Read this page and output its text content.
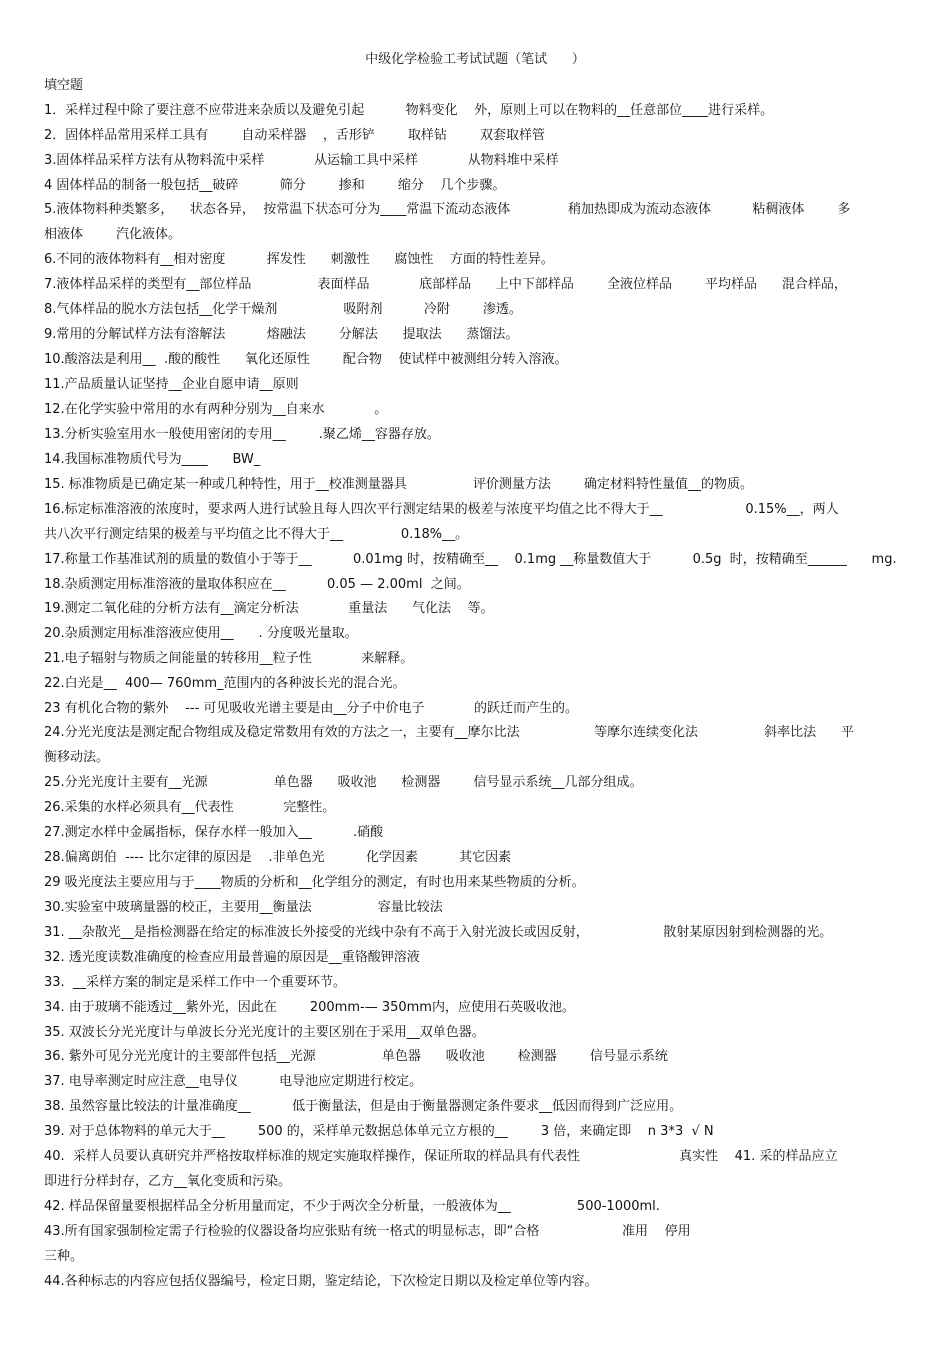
中级化学检验工考试试题（笔试      ）
填空题
1．采样过程中除了要注意不应带进来杂质以及避免引起          物料变化    外，原则上可以在物料的__任意部位____进行采样。
2．固体样品常用采样工具有        自动采样器    ，舌形铲        取样钻        双套取样管
3.固体样品采样方法有从物料流中采样            从运输工具中采样            从物料堆中采样
4 固体样品的制备一般包括__破碎          筛分        掺和        缩分    几个步骤。
5.液体物料种类繁多，    状态各异，  按常温下状态可分为____常温下流动态液体              稍加热即成为流动态液体          粘稠液体        多
相液体        汽化液体。
6.不同的液体物料有__相对密度          挥发性      刺激性      腐蚀性    方面的特性差异。
7.液体样品采样的类型有__部位样品                表面样品            底部样品      上中下部样品        全液位样品        平均样品      混合样品，
8.气体样品的脱水方法包括__化学干燥剂                吸附剂          冷附        渗透。
9.常用的分解试样方法有溶解法          熔融法        分解法      提取法      蒸馏法。
10.酸溶法是利用__  .酸的酸性      氧化还原性        配合物    使试样中被测组分转入溶液。
11.产品质量认证坚持__企业自愿申请__原则
12.在化学实验中常用的水有两种分别为__自来水            。
13.分析实验室用水一般使用密闭的专用__        .聚乙烯__容器存放。
14.我国标准物质代号为____      BW_
15. 标准物质是已确定某一种或几种特性，用于__校准测量器具                评价测量方法        确定材料特性量值__的物质。
16.标定标准溶液的浓度时，要求两人进行试验且每人四次平行测定结果的极差与浓度平均值之比不得大于__                    0.15%__，两人
共八次平行测定结果的极差与平均值之比不得大于__              0.18%__。
17.称量工作基准试剂的质量的数值小于等于__          0.01mg 时，按精确至__    0.1mg __称量数值大于          0.5g  时，按精确至______      mg.
18.杂质测定用标准溶液的量取体积应在__          0.05 — 2.00ml  之间。
19.测定二氧化硅的分析方法有__滴定分析法            重量法      气化法    等。
20.杂质测定用标准溶液应使用__      . 分度吸光量取。
21.电子辐射与物质之间能量的转移用__粒子性            来解释。
22.白光是__  400— 760mm_范围内的各种波长光的混合光。
23 有机化合物的紫外    --- 可见吸收光谱主要是由__分子中价电子            的跃迁而产生的。
24.分光光度法是测定配合物组成及稳定常数用有效的方法之一，主要有__摩尔比法                  等摩尔连续变化法                斜率比法      平
衡移动法。
25.分光光度计主要有__光源                单色器      吸收池      检测器        信号显示系统__几部分组成。
26.采集的水样必须具有__代表性            完整性。
27.测定水样中金属指标，保存水样一般加入__          .硝酸
28.偏离朗伯  ---- 比尔定律的原因是    .非单色光          化学因素          其它因素
29 吸光度法主要应用与于____物质的分析和__化学组分的测定，有时也用来某些物质的分析。
30.实验室中玻璃量器的校正，主要用__衡量法                容量比较法
31. __杂散光__是指检测器在给定的标准波长外接受的光线中杂有不高于入射光波长或因反射，                  散射某原因射到检测器的光。
32. 透光度读数准确度的检查应用最普遍的原因是__重铬酸钾溶液
33.  __采样方案的制定是采样工作中一个重要环节。
34. 由于玻璃不能透过__紫外光，因此在        200mm-— 350mm内，应使用石英吸收池。
35. 双波长分光光度计与单波长分光光度计的主要区别在于采用__双单色器。
36. 紫外可见分光光度计的主要部件包括__光源                单色器      吸收池        检测器        信号显示系统
37. 电导率测定时应注意__电导仪          电导池应定期进行校定。
38. 虽然容量比较法的计量准确度__          低于衡量法，但是由于衡量器测定条件要求__低因而得到广泛应用。
39. 对于总体物料的单元大于__        500 的，采样单元数据总体单元立方根的__        3 倍，来确定即    n 3*3  √ N
40.  采样人员要认真研究并严格按取样标准的规定实施取样操作，保证所取的样品具有代表性                        真实性    41. 采的样品应立
即进行分样封存，乙方__氧化变质和污染。
42. 样品保留量要根据样品全分析用量而定，不少于两次全分析量，一般液体为__                500-1000ml.
43.所有国家强制检定需子行检验的仪器设备均应张贴有统一格式的明显标志，即“合格                    准用    停用
三种。
44.各种标志的内容应包括仪器编号，检定日期，鉴定结论，下次检定日期以及检定单位等内容。
